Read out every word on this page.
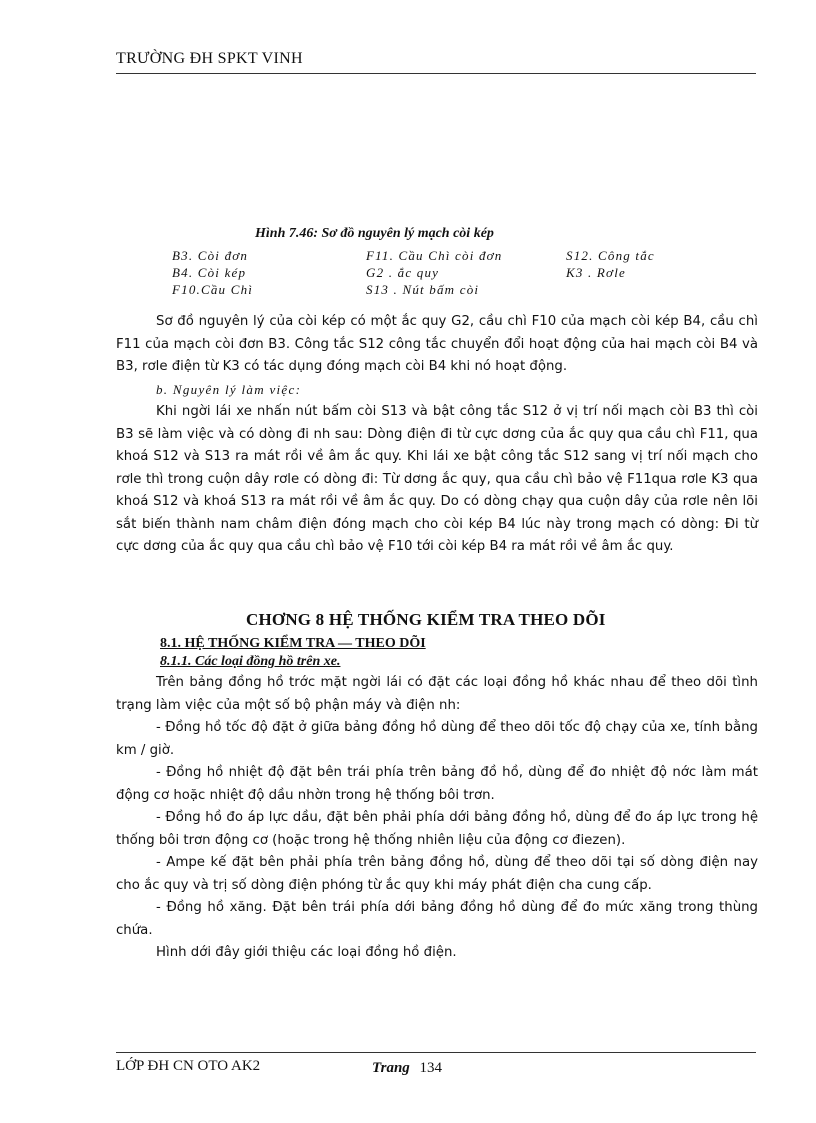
TRƯỜNG ĐH SPKT VINH
Hình 7.46: Sơ đồ nguyên lý mạch còi kép
B3. Còi đơn	F11. Cầu Chì còi đơn	S12. Công tắc
B4. Còi kép	G2 . ắc quy	K3 . Rơle
F10.Cầu Chì	S13 . Nút bấm còi

Sơ đồ nguyên lý của còi kép có một ắc quy G2, cầu chì F10 của mạch còi kép B4, cầu chì F11 của mạch còi đơn B3. Công tắc S12 công tắc chuyển đổi hoạt động của hai mạch còi B4 và B3, rơle điện từ K3 có tác dụng đóng mạch còi B4 khi nó hoạt động.

b. Nguyên lý làm việc:

Khi ngời lái xe nhấn nút bấm còi S13 và bật công tắc S12 ở vị trí nối mạch còi B3 thì còi B3 sẽ làm việc và có dòng đi nh sau: Dòng điện đi từ cực dơng của ắc quy qua cầu chì F11, qua khoá S12 và S13 ra mát rồi về âm ắc quy. Khi lái xe bật công tắc S12 sang vị trí nối mạch cho rơle thì trong cuộn dây rơle có dòng đi: Từ dơng ắc quy, qua cầu chì bảo vệ F11qua rơle K3 qua khoá S12 và khoá S13 ra mát rồi về âm ắc quy. Do có dòng chạy qua cuộn dây của rơle nên lõi sắt biến thành nam châm điện đóng mạch cho còi kép B4 lúc này trong mạch có dòng: Đi từ cực dơng của ắc quy qua cầu chì bảo vệ F10 tới còi kép B4 ra mát rồi về âm ắc quy.

CHƠNG 8 HỆ THỐNG KIỂM TRA THEO DÕI
8.1. HỆ THỐNG KIỂM TRA — THEO DÕI
8.1.1. Các loại đồng hồ trên xe.

Trên bảng đồng hồ trớc mặt ngời lái có đặt các loại đồng hồ khác nhau để theo dõi tình trạng làm việc của một số bộ phận máy và điện nh:

- Đồng hồ tốc độ đặt ở giữa bảng đồng hồ dùng để theo dõi tốc độ chạy của xe, tính bằng km / giờ.

- Đồng hồ nhiệt độ đặt bên trái phía trên bảng đồ hồ, dùng để đo nhiệt độ nớc làm mát động cơ hoặc nhiệt độ dầu nhờn trong hệ thống bôi trơn.

- Đồng hồ đo áp lực dầu, đặt bên phải phía dới bảng đồng hồ, dùng để đo áp lực trong hệ thống bôi trơn động cơ (hoặc trong hệ thống nhiên liệu của động cơ điezen).

- Ampe kế đặt bên phải phía trên bảng đồng hồ, dùng để theo dõi tại số dòng điện nay cho ắc quy và trị số dòng điện phóng từ ắc quy khi máy phát điện cha cung cấp.

- Đồng hồ xăng. Đặt bên trái phía dới bảng đồng hồ dùng để đo mức xăng trong thùng chứa.

Hình dới đây giới thiệu các loại đồng hồ điện.

LỚP ĐH CN OTO AK2	Trang 134
